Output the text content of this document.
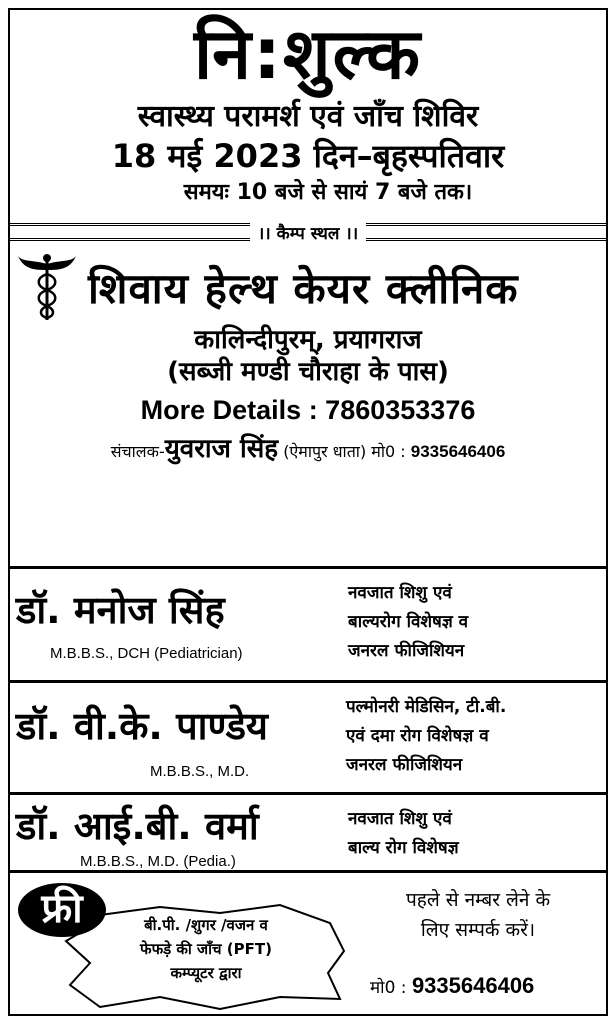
नि:शुल्क
स्वास्थ्य परामर्श एवं जाँच शिविर
18 मई 2023 दिन–बृहस्पतिवार
समयः 10 बजे से सायं 7 बजे तक।
।। कैम्प स्थल ।।
शिवाय हेल्थ केयर क्लीनिक
कालिन्दीपुरम्, प्रयागराज
(सब्जी मण्डी चौराहा के पास)
More Details : 7860353376
संचालक-युवराज सिंह (ऐमापुर धाता) मो0 : 9335646406
डॉ. मनोज सिंह
M.B.B.S., DCH (Pediatrician)
नवजात शिशु एवं
बाल्यरोग विशेषज्ञ व
जनरल फीजिशियन
डॉ. वी.के. पाण्डेय
M.B.B.S., M.D.
पल्मोनरी मेडिसिन, टी.बी.
एवं दमा रोग विशेषज्ञ व
जनरल फीजिशियन
डॉ. आई.बी. वर्मा
M.B.B.S., M.D. (Pedia.)
नवजात शिशु एवं
बाल्य रोग विशेषज्ञ
फ्री	बी.पी. /शुगर /वजन व
फेफड़े की जाँच (PFT)
कम्प्यूटर द्वारा
पहले से नम्बर लेने के
लिए सम्पर्क करें।
मो0 : 9335646406
